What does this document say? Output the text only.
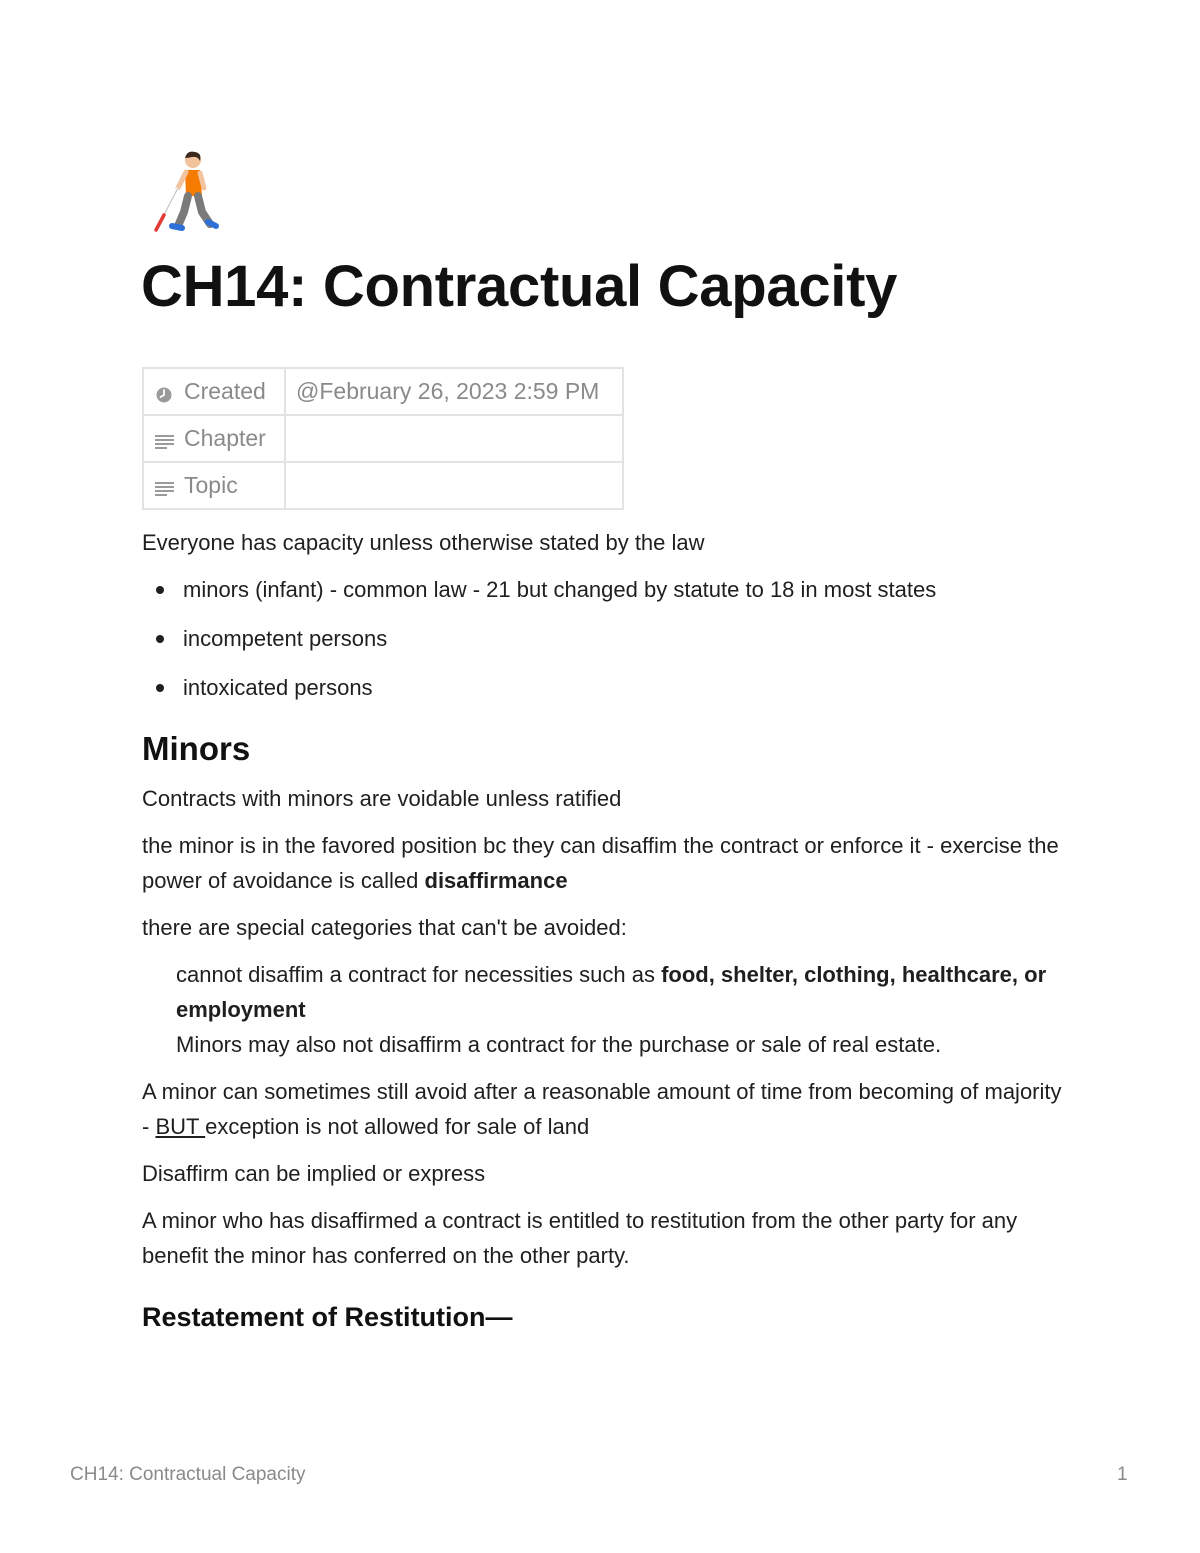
CH14: Contractual Capacity
Created	@February 26, 2023 2:59 PM
Chapter	
Topic	

Everyone has capacity unless otherwise stated by the law

minors (infant) - common law - 21 but changed by statute to 18 in most states
incompetent persons
intoxicated persons
Minors

Contracts with minors are voidable unless ratified

the minor is in the favored position bc they can disaffim the contract or enforce it - exercise the power of avoidance is called disaffirmance

there are special categories that can't be avoided:

cannot disaffim a contract for necessities such as food, shelter, clothing, healthcare, or employment
Minors may also not disaffirm a contract for the purchase or sale of real estate.

A minor can sometimes still avoid after a reasonable amount of time from becoming of majority - BUT exception is not allowed for sale of land

Disaffirm can be implied or express

A minor who has disaffirmed a contract is entitled to restitution from the other party for any benefit the minor has conferred on the other party.

Restatement of Restitution—
CH14: Contractual Capacity	1
